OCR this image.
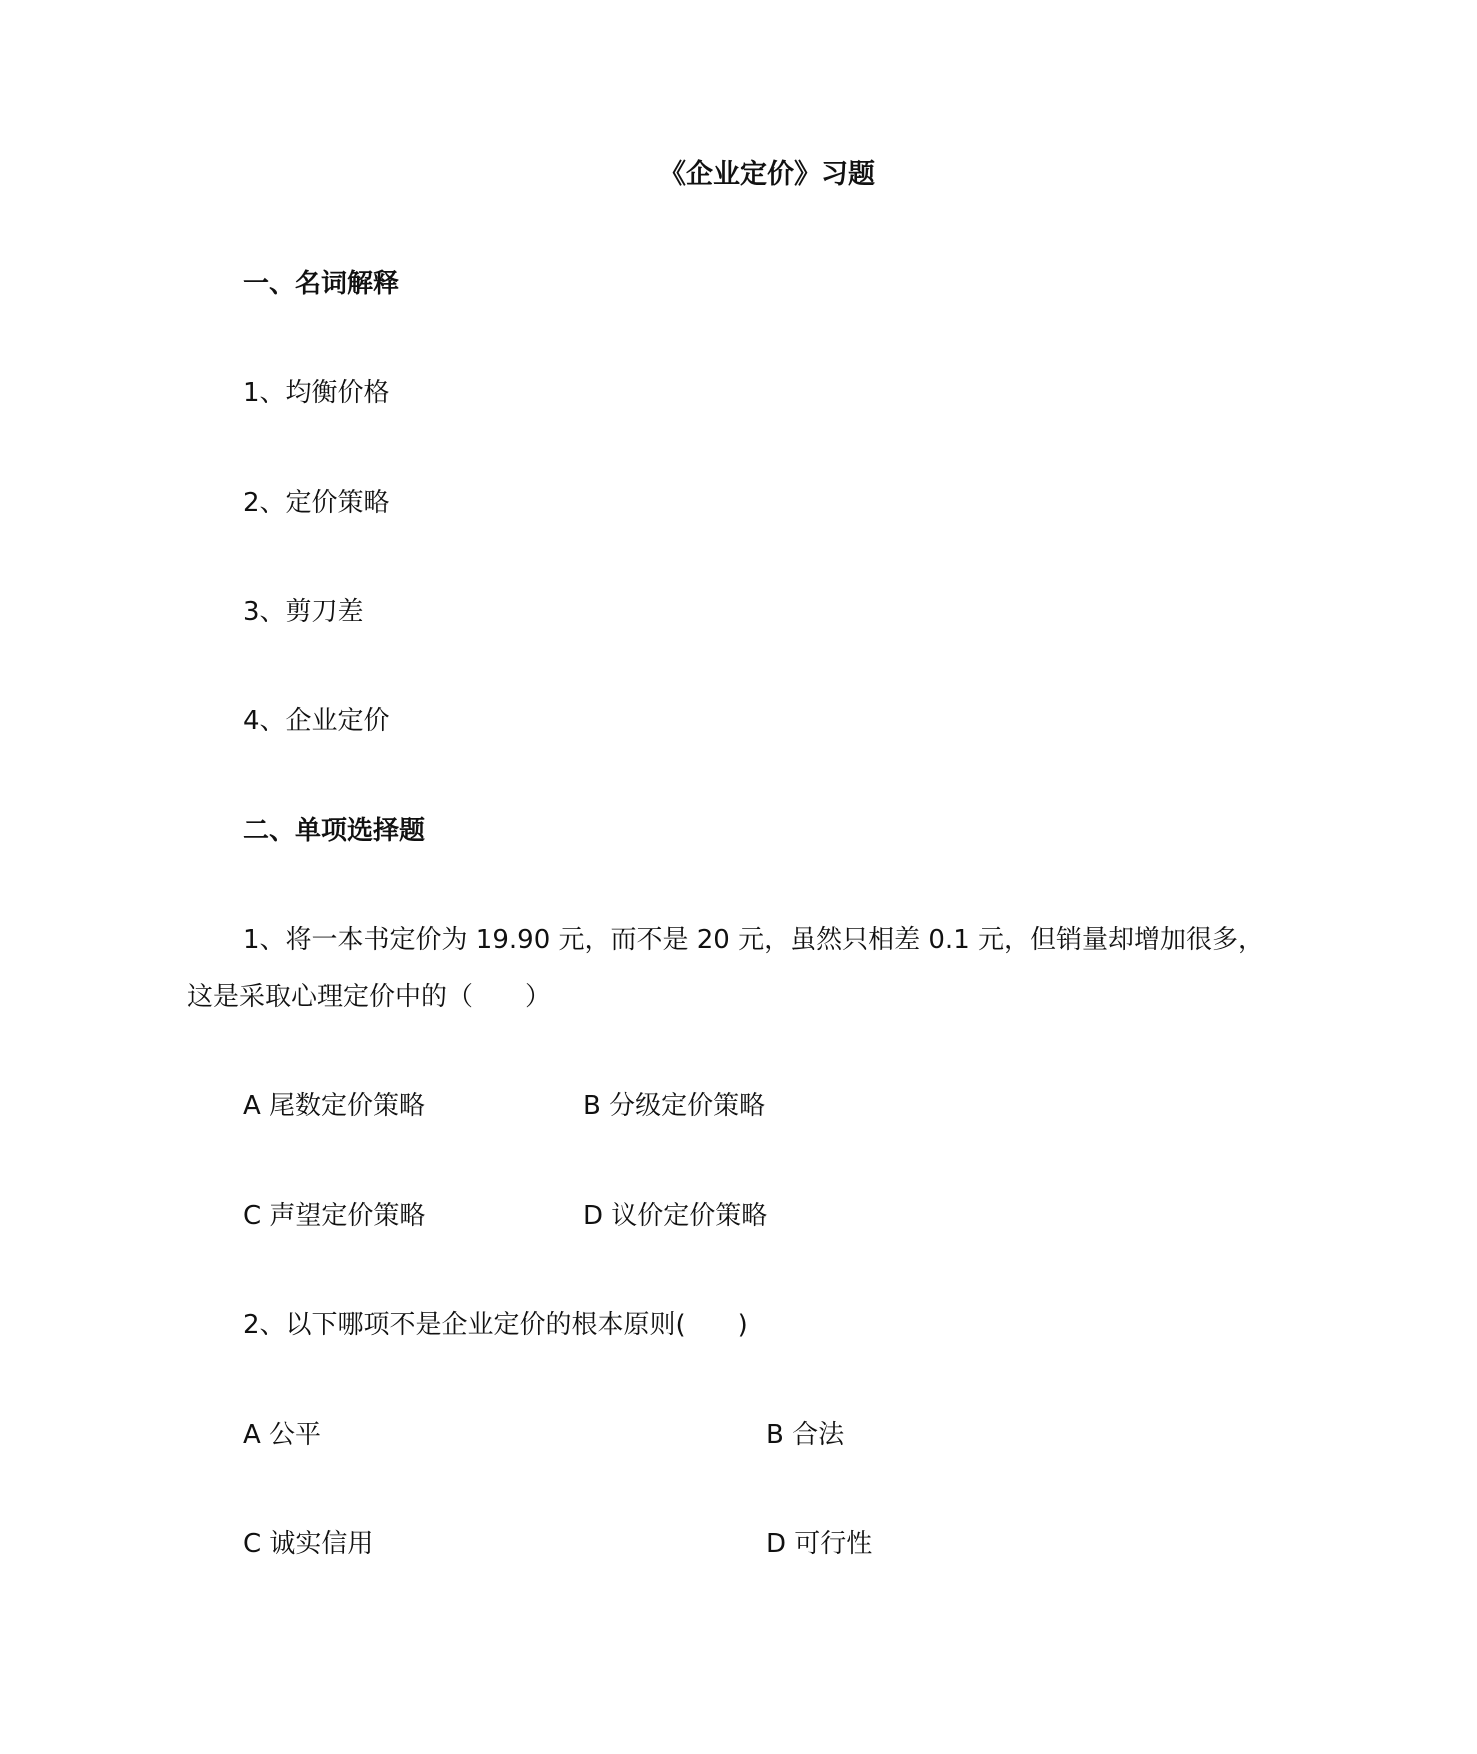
《企业定价》习题
一、名词解释
1、均衡价格
2、定价策略
3、剪刀差
4、企业定价
二、单项选择题
1、将一本书定价为 19.90 元，而不是 20 元，虽然只相差 0.1 元，但销量却增加很多，
这是采取心理定价中的（　　）
A 尾数定价策略	B 分级定价策略
C 声望定价策略	D 议价定价策略
2、以下哪项不是企业定价的根本原则(　　)
A 公平	B 合法
C 诚实信用	D 可行性
